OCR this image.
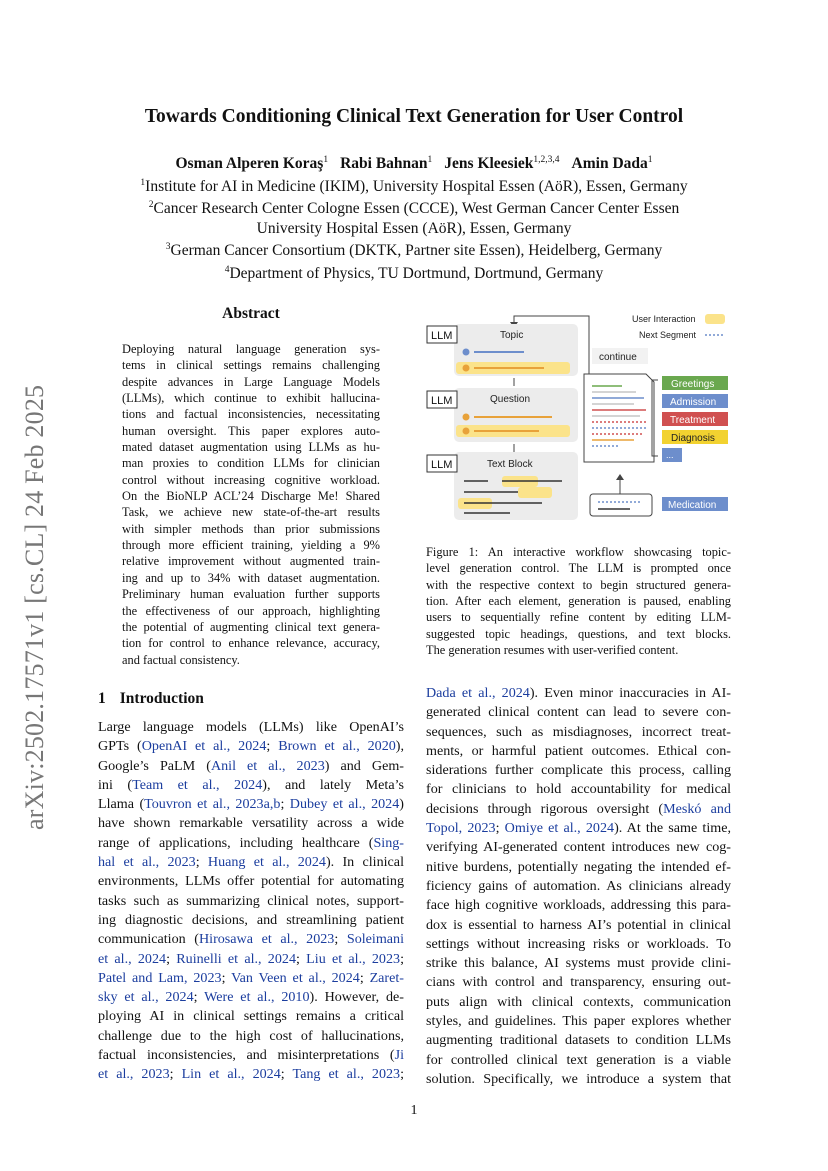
arXiv:2502.17571v1 [cs.CL] 24 Feb 2025
Towards Conditioning Clinical Text Generation for User Control
Osman Alperen Koraş$^1$ Rabi Bahnan$^1$ Jens Kleesiek$^{1,2,3,4}$ Amin Dada$^1$
$^1$Institute for AI in Medicine (IKIM), University Hospital Essen (AöR), Essen, Germany
$^2$Cancer Research Center Cologne Essen (CCCE), West German Cancer Center Essen
University Hospital Essen (AöR), Essen, Germany
$^3$German Cancer Consortium (DKTK, Partner site Essen), Heidelberg, Germany
$^4$Department of Physics, TU Dortmund, Dortmund, Germany
Abstract
Deploying natural language generation sys-
tems in clinical settings remains challenging
despite advances in Large Language Models
(LLMs), which continue to exhibit hallucina-
tions and factual inconsistencies, necessitating
human oversight. This paper explores auto-
mated dataset augmentation using LLMs as hu-
man proxies to condition LLMs for clinician
control without increasing cognitive workload.
On the BioNLP ACL’24 Discharge Me! Shared
Task, we achieve new state-of-the-art results
with simpler methods than prior submissions
through more efficient training, yielding a 9%
relative improvement without augmented train-
ing and up to 34% with dataset augmentation.
Preliminary human evaluation further supports
the effectiveness of our approach, highlighting
the potential of augmenting clinical text genera-
tion for control to enhance relevance, accuracy,
and factual consistency.
User Interaction
Next Segment
LLM	Topic
LLM	Question
LLM	Text Block
continue
Greetings
Admission
Treatment
Diagnosis
...
Medication
Figure 1: An interactive workflow showcasing topic-
level generation control. The LLM is prompted once
with the respective context to begin structured genera-
tion. After each element, generation is paused, enabling
users to sequentially refine content by editing LLM-
suggested topic headings, questions, and text blocks.
The generation resumes with user-verified content.
1 Introduction
Large language models (LLMs) like OpenAI’s
GPTs (OpenAI et al., 2024; Brown et al., 2020),
Google’s PaLM (Anil et al., 2023) and Gem-
ini (Team et al., 2024), and lately Meta’s
Llama (Touvron et al., 2023a,b; Dubey et al., 2024)
have shown remarkable versatility across a wide
range of applications, including healthcare (Sing-
hal et al., 2023; Huang et al., 2024). In clinical
environments, LLMs offer potential for automating
tasks such as summarizing clinical notes, support-
ing diagnostic decisions, and streamlining patient
communication (Hirosawa et al., 2023; Soleimani
et al., 2024; Ruinelli et al., 2024; Liu et al., 2023;
Patel and Lam, 2023; Van Veen et al., 2024; Zaret-
sky et al., 2024; Were et al., 2010). However, de-
ploying AI in clinical settings remains a critical
challenge due to the high cost of hallucinations,
factual inconsistencies, and misinterpretations (Ji
et al., 2023; Lin et al., 2024; Tang et al., 2023;
Dada et al., 2024). Even minor inaccuracies in AI-
generated clinical content can lead to severe con-
sequences, such as misdiagnoses, incorrect treat-
ments, or harmful patient outcomes. Ethical con-
siderations further complicate this process, calling
for clinicians to hold accountability for medical
decisions through rigorous oversight (Meskó and
Topol, 2023; Omiye et al., 2024). At the same time,
verifying AI-generated content introduces new cog-
nitive burdens, potentially negating the intended ef-
ficiency gains of automation. As clinicians already
face high cognitive workloads, addressing this para-
dox is essential to harness AI’s potential in clinical
settings without increasing risks or workloads. To
strike this balance, AI systems must provide clini-
cians with control and transparency, ensuring out-
puts align with clinical contexts, communication
styles, and guidelines. This paper explores whether
augmenting traditional datasets to condition LLMs
for controlled clinical text generation is a viable
solution. Specifically, we introduce a system that
1
